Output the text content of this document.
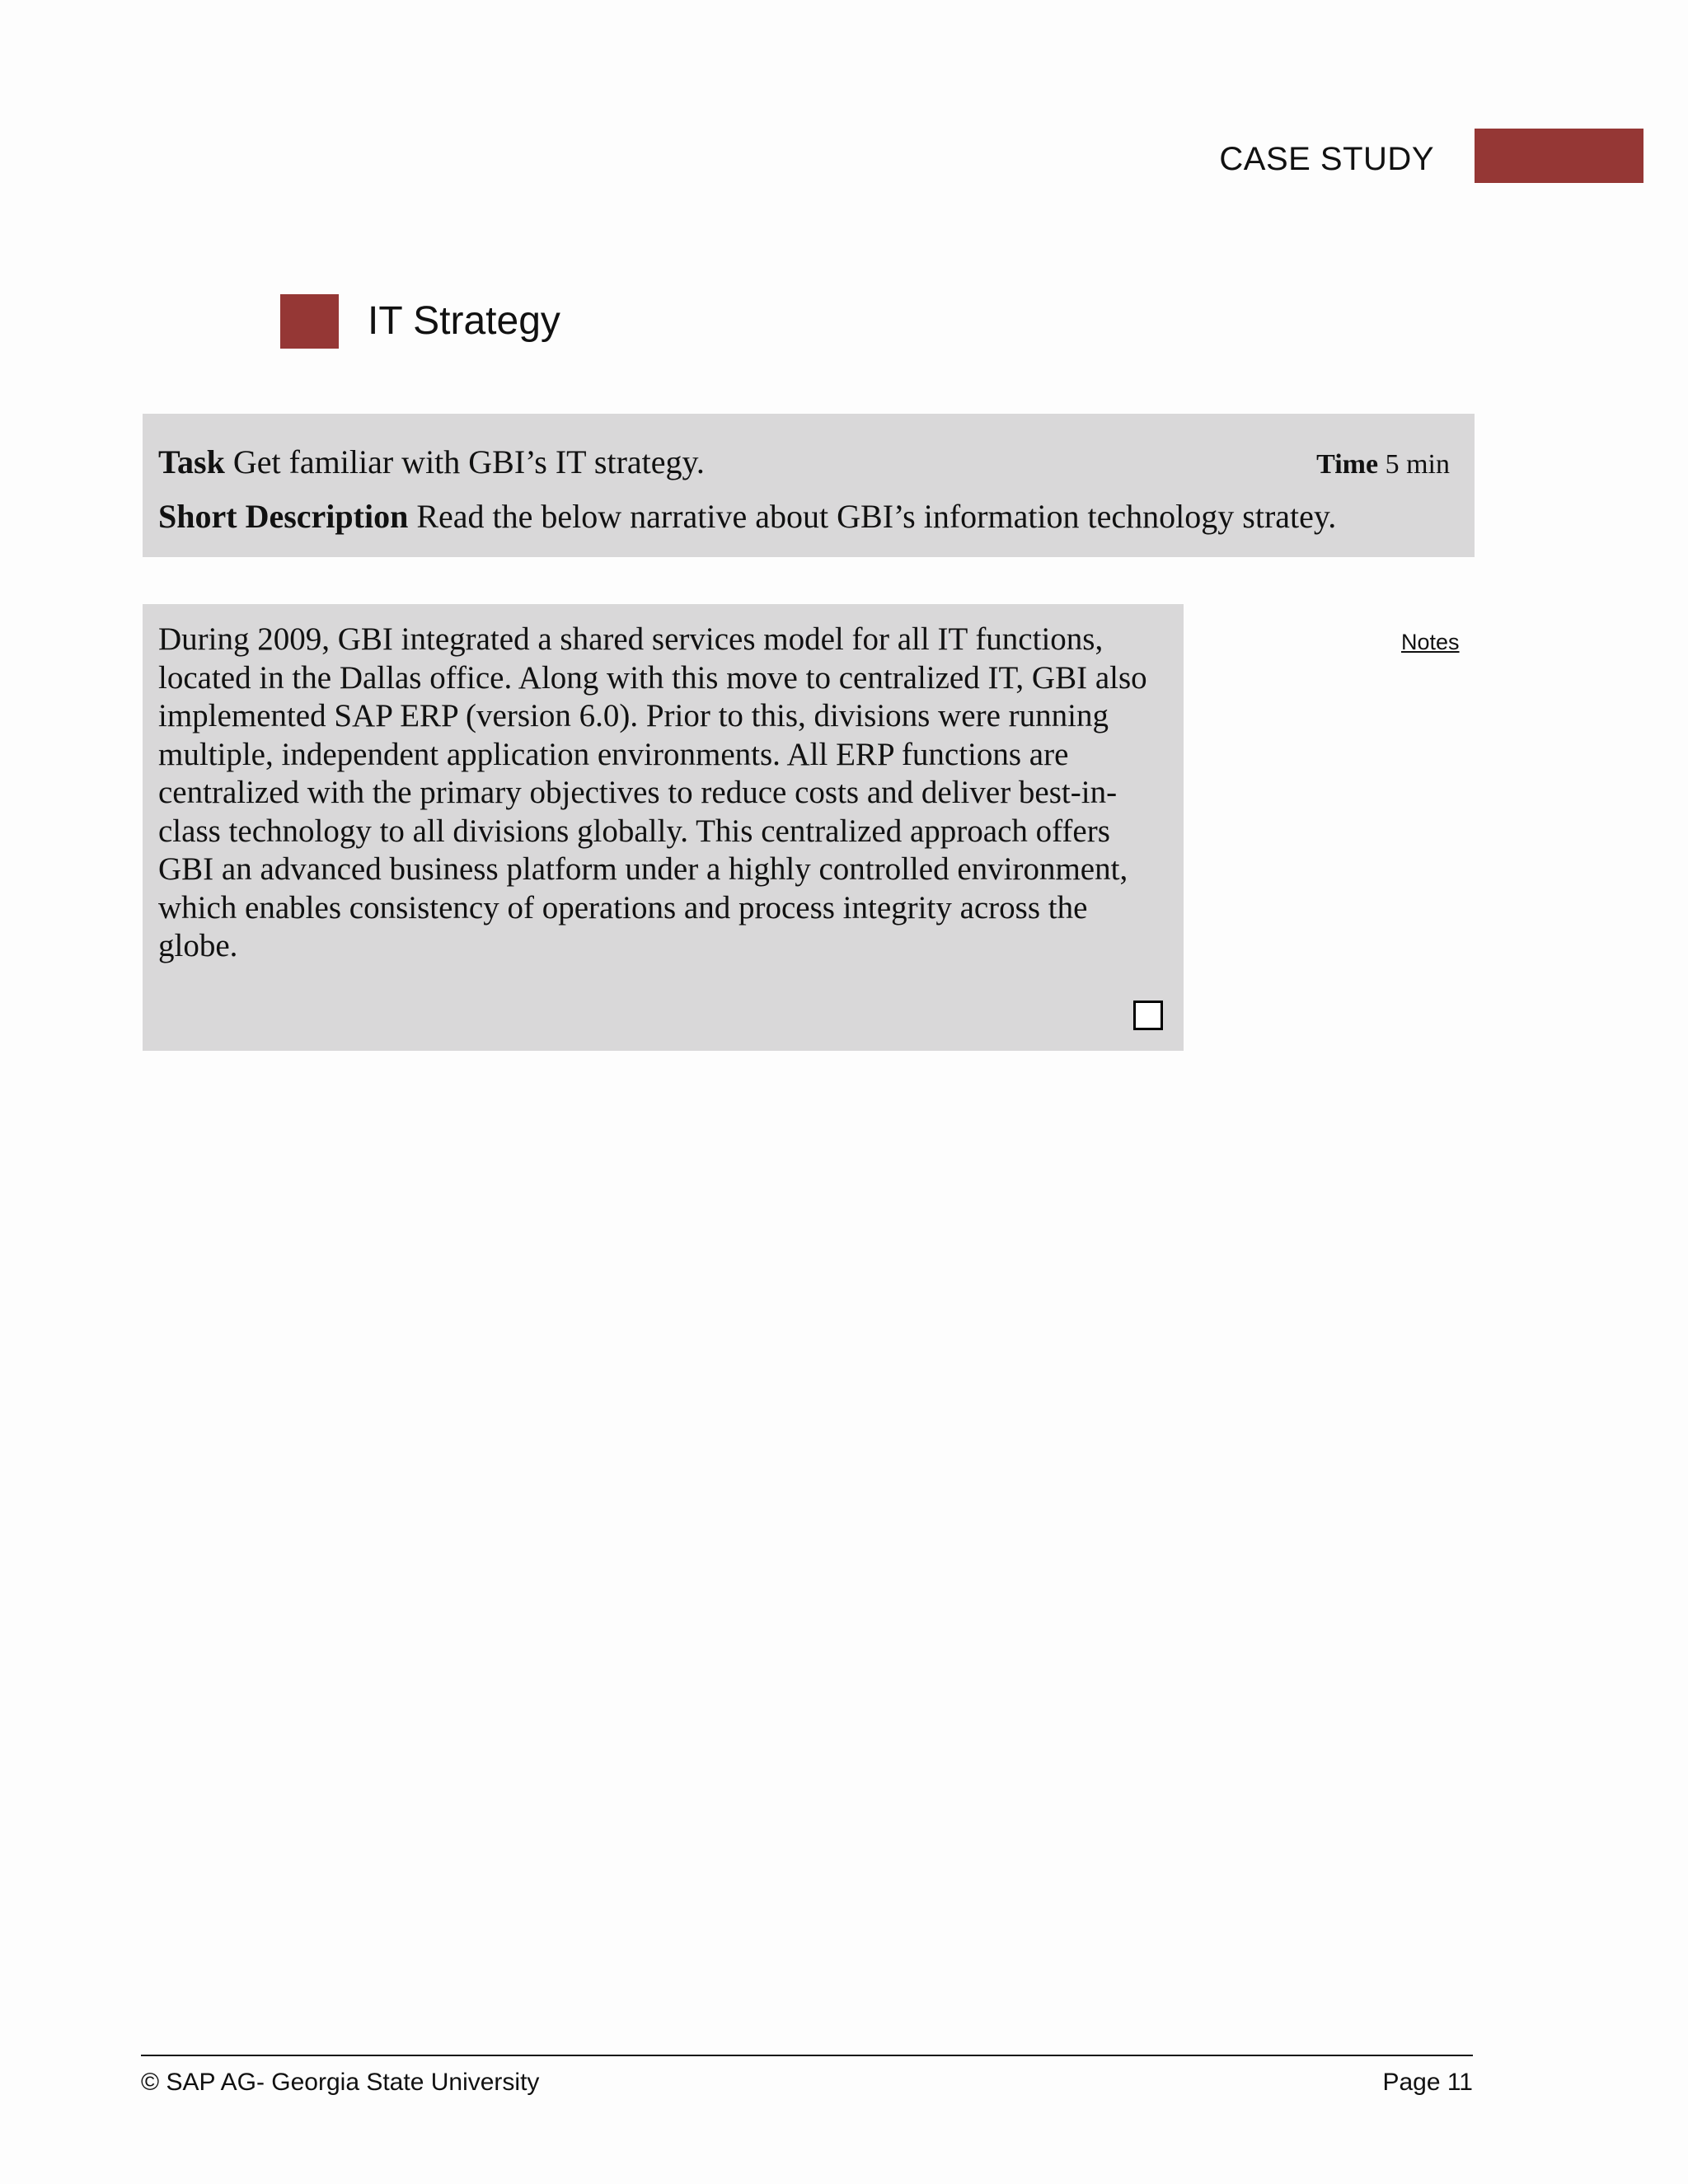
CASE STUDY
IT Strategy
Task Get familiar with GBI’s IT strategy.	Time 5 min
Short Description Read the below narrative about GBI’s information technology stratey.
During 2009, GBI integrated a shared services model for all IT functions, located in the Dallas office. Along with this move to centralized IT, GBI also implemented SAP ERP (version 6.0). Prior to this, divisions were running multiple, independent application environments. All ERP functions are centralized with the primary objectives to reduce costs and deliver best-in-class technology to all divisions globally. This centralized approach offers GBI an advanced business platform under a highly controlled environment, which enables consistency of operations and process integrity across the globe.
Notes
© SAP AG- Georgia State University	Page 11
